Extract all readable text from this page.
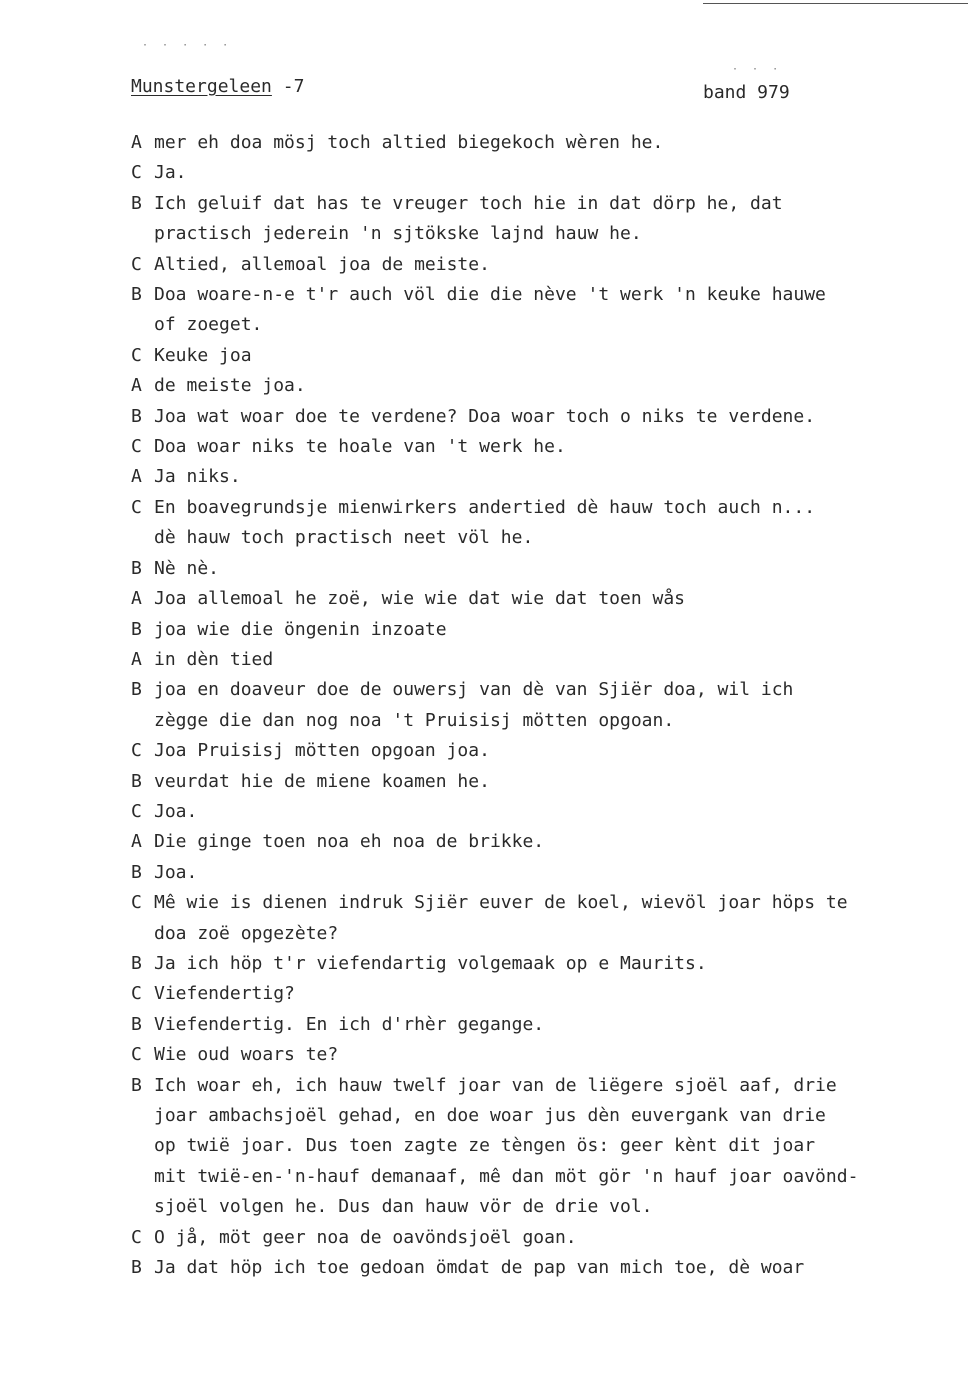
· · · · ·
· · ·
Munstergeleen -7	band 979
A mer eh doa mösj toch altied biegekoch wèren he.
C Ja.
B Ich geluif dat has te vreuger toch hie in dat dörp he, dat
practisch jederein 'n sjtökske lajnd hauw he.
C Altied, allemoal joa de meiste.
B Doa woare-n-e t'r auch völ die die nève 't werk 'n keuke hauwe
of zoeget.
C Keuke joa
A de meiste joa.
B Joa wat woar doe te verdene? Doa woar toch o niks te verdene.
C Doa woar niks te hoale van 't werk he.
A Ja niks.
C En boavegrundsje mienwirkers andertied dè hauw toch auch n...
dè hauw toch practisch neet völ he.
B Nè nè.
A Joa allemoal he zoë, wie wie dat wie dat toen wås
B joa wie die öngenin inzoate
A in dèn tied
B joa en doaveur doe de ouwersj van dè van Sjiër doa, wil ich
zègge die dan nog noa 't Pruisisj mötten opgoan.
C Joa Pruisisj mötten opgoan joa.
B veurdat hie de miene koamen he.
C Joa.
A Die ginge toen noa eh noa de brikke.
B Joa.
C Mê wie is dienen indruk Sjiër euver de koel, wievöl joar höps te
doa zoë opgezète?
B Ja ich höp t'r viefendartig volgemaak op e Maurits.
C Viefendertig?
B Viefendertig. En ich d'rhèr gegange.
C Wie oud woars te?
B Ich woar eh, ich hauw twelf joar van de liëgere sjoël aaf, drie
joar ambachsjoël gehad, en doe woar jus dèn euvergank van drie
op twië joar. Dus toen zagte ze tèngen ös: geer kènt dit joar
mit twië-en-'n-hauf demanaaf, mê dan möt gör 'n hauf joar oavönd-
sjoël volgen he. Dus dan hauw vör de drie vol.
C O jå, möt geer noa de oavöndsjoël goan.
B Ja dat höp ich toe gedoan ömdat de pap van mich toe, dè woar
